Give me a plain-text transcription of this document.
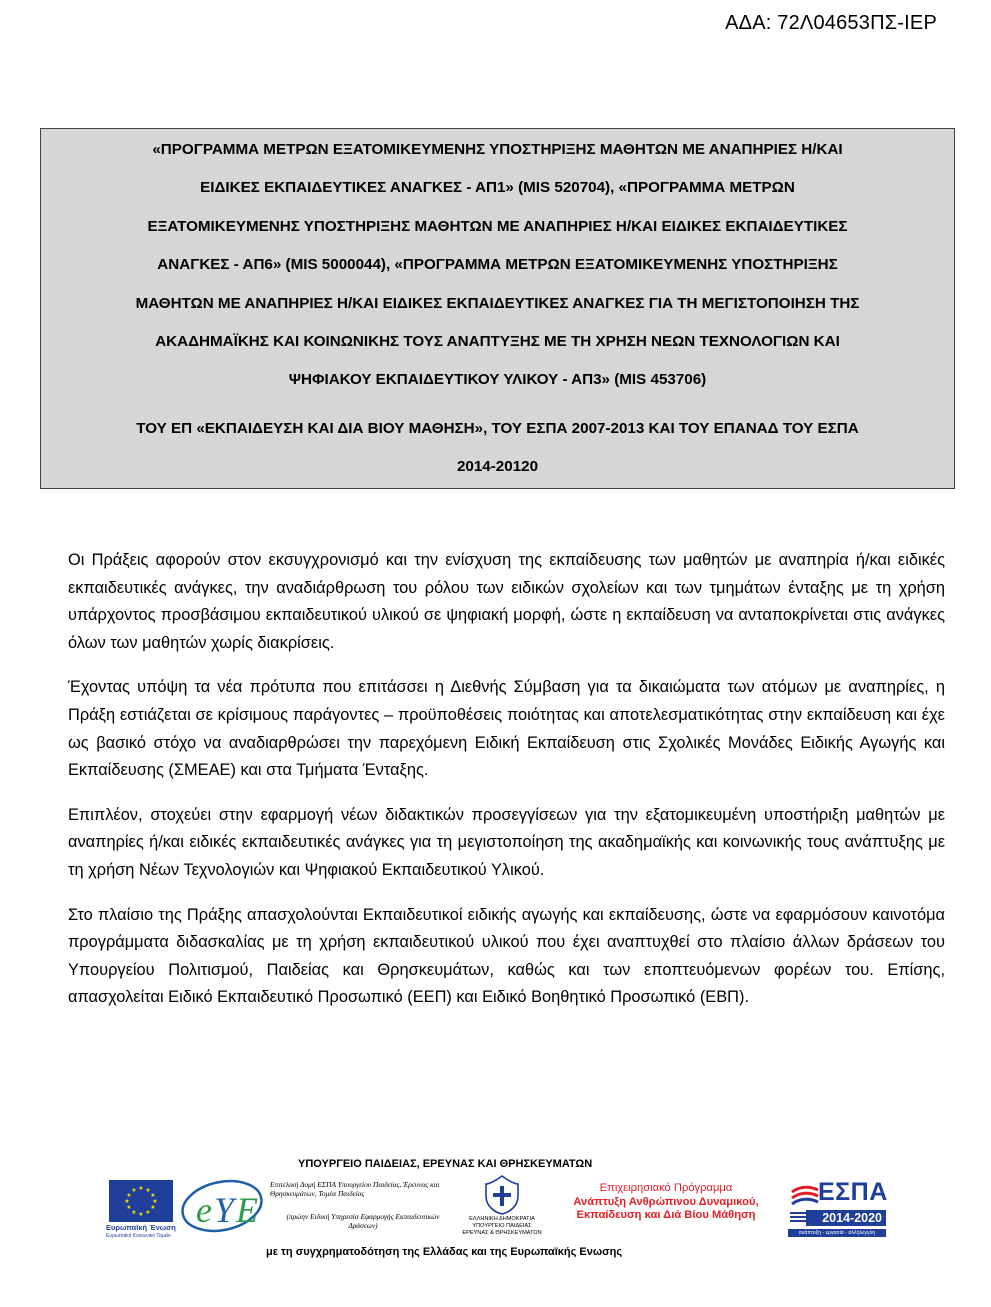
ΑΔΑ: 72Λ04653ΠΣ-ΙΕΡ

«ΠΡΟΓΡΑΜΜΑ ΜΕΤΡΩΝ ΕΞΑΤΟΜΙΚΕΥΜΕΝΗΣ ΥΠΟΣΤΗΡΙΞΗΣ ΜΑΘΗΤΩΝ ΜΕ ΑΝΑΠΗΡΙΕΣ Η/ΚΑΙ

ΕΙΔΙΚΕΣ ΕΚΠΑΙΔΕΥΤΙΚΕΣ ΑΝΑΓΚΕΣ - ΑΠ1» (MIS 520704), «ΠΡΟΓΡΑΜΜΑ ΜΕΤΡΩΝ

ΕΞΑΤΟΜΙΚΕΥΜΕΝΗΣ ΥΠΟΣΤΗΡΙΞΗΣ ΜΑΘΗΤΩΝ ΜΕ ΑΝΑΠΗΡΙΕΣ Η/ΚΑΙ ΕΙΔΙΚΕΣ ΕΚΠΑΙΔΕΥΤΙΚΕΣ

ΑΝΑΓΚΕΣ - ΑΠ6» (MIS 5000044), «ΠΡΟΓΡΑΜΜΑ ΜΕΤΡΩΝ ΕΞΑΤΟΜΙΚΕΥΜΕΝΗΣ ΥΠΟΣΤΗΡΙΞΗΣ

ΜΑΘΗΤΩΝ ΜΕ ΑΝΑΠΗΡΙΕΣ Η/ΚΑΙ ΕΙΔΙΚΕΣ ΕΚΠΑΙΔΕΥΤΙΚΕΣ ΑΝΑΓΚΕΣ ΓΙΑ ΤΗ ΜΕΓΙΣΤΟΠΟΙΗΣΗ ΤΗΣ

ΑΚΑΔΗΜΑΪΚΗΣ ΚΑΙ ΚΟΙΝΩΝΙΚΗΣ ΤΟΥΣ ΑΝΑΠΤΥΞΗΣ ΜΕ ΤΗ ΧΡΗΣΗ ΝΕΩΝ ΤΕΧΝΟΛΟΓΙΩΝ ΚΑΙ

ΨΗΦΙΑΚΟΥ ΕΚΠΑΙΔΕΥΤΙΚΟΥ ΥΛΙΚΟΥ - ΑΠ3» (MIS 453706)

ΤΟΥ ΕΠ «ΕΚΠΑΙΔΕΥΣΗ ΚΑΙ ΔΙΑ ΒΙΟΥ ΜΑΘΗΣΗ», ΤΟΥ ΕΣΠΑ 2007-2013 ΚΑΙ ΤΟΥ ΕΠΑΝΑΔ ΤΟΥ ΕΣΠΑ

2014-20120

Οι Πράξεις αφορούν στον εκσυγχρονισμό και την ενίσχυση της εκπαίδευσης των μαθητών με αναπηρία ή/και ειδικές εκπαιδευτικές ανάγκες, την αναδιάρθρωση του ρόλου των ειδικών σχολείων και των τμημάτων ένταξης με τη χρήση υπάρχοντος προσβάσιμου εκπαιδευτικού υλικού σε ψηφιακή μορφή, ώστε η εκπαίδευση να ανταποκρίνεται στις ανάγκες όλων των μαθητών χωρίς διακρίσεις.

Έχοντας υπόψη τα νέα πρότυπα που επιτάσσει η Διεθνής Σύμβαση για τα δικαιώματα των ατόμων με αναπηρίες, η Πράξη εστιάζεται σε κρίσιμους παράγοντες – προϋποθέσεις ποιότητας και αποτελεσματικότητας στην εκπαίδευση και έχε ως βασικό στόχο να αναδιαρθρώσει την παρεχόμενη Ειδική Εκπαίδευση στις Σχολικές Μονάδες Ειδικής Αγωγής και Εκπαίδευσης (ΣΜΕΑΕ) και στα Τμήματα Ένταξης.

Επιπλέον, στοχεύει στην εφαρμογή νέων διδακτικών προσεγγίσεων για την εξατομικευμένη υποστήριξη μαθητών με αναπηρίες ή/και ειδικές εκπαιδευτικές ανάγκες για τη μεγιστοποίηση της ακαδημαϊκής και κοινωνικής τους ανάπτυξης με τη χρήση Νέων Τεχνολογιών και Ψηφιακού Εκπαιδευτικού Υλικού.

Στο πλαίσιο της Πράξης απασχολούνται Εκπαιδευτικοί ειδικής αγωγής και εκπαίδευσης, ώστε να εφαρμόσουν καινοτόμα προγράμματα διδασκαλίας με τη χρήση εκπαιδευτικού υλικού που έχει αναπτυχθεί στο πλαίσιο άλλων δράσεων του Υπουργείου Πολιτισμού, Παιδείας και Θρησκευμάτων, καθώς και των εποπτευόμενων φορέων του. Επίσης, απασχολείται Ειδικό Εκπαιδευτικό Προσωπικό (ΕΕΠ) και Ειδικό Βοηθητικό Προσωπικό (ΕΒΠ).

ΥΠΟΥΡΓΕΙΟ ΠΑΙΔΕΙΑΣ, ΕΡΕΥΝΑΣ ΚΑΙ ΘΡΗΣΚΕΥΜΑΤΩΝ
★ ★
★
★
★
★
★
★
★
★
★
★
Ευρωπαϊκή Ένωση
Ευρωπαϊκό Κοινωνικό Ταμείο
e Y E
Επιτελική Δομή ΕΣΠΑ Υπουργείου Παιδείας, Έρευνας και Θρησκευμάτων, Τομέα Παιδείας
(πρώην Ειδική Υπηρεσία Εφαρμογής Εκπαιδευτικών Δράσεων)
ΕΛΛΗΝΙΚΗ ΔΗΜΟΚΡΑΤΙΑ
ΥΠΟΥΡΓΕΙΟ ΠΑΙΔΕΙΑΣ
ΕΡΕΥΝΑΣ & ΘΡΗΣΚΕΥΜΑΤΩΝ
Επιχειρησιακό Πρόγραμμα
Ανάπτυξη Ανθρώπινου Δυναμικού,
Εκπαίδευση και Διά Βίου Μάθηση
ΕΣΠΑ
2014-2020
ανάπτυξη - εργασία - αλληλεγγύη
με τη συγχρηματοδότηση της Ελλάδας και της Ευρωπαϊκής Ενωσης
